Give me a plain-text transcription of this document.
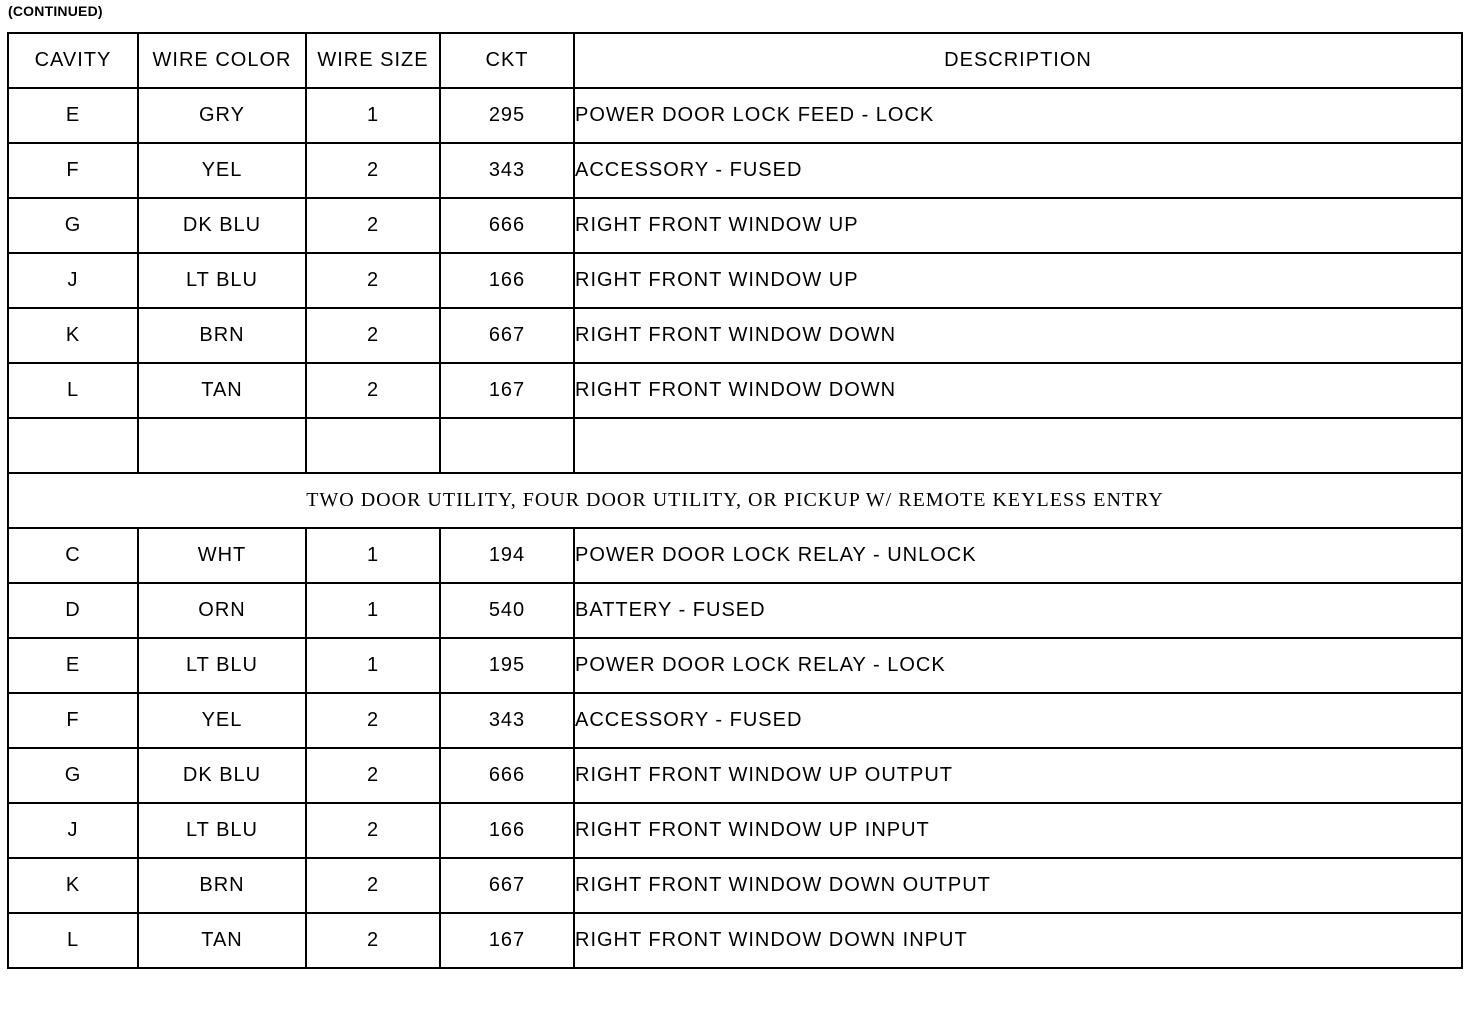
(CONTINUED)
CAVITY	WIRE COLOR	WIRE SIZE	CKT	DESCRIPTION
E	GRY	1	295	POWER DOOR LOCK FEED - LOCK
F	YEL	2	343	ACCESSORY - FUSED
G	DK BLU	2	666	RIGHT FRONT WINDOW UP
J	LT BLU	2	166	RIGHT FRONT WINDOW UP
K	BRN	2	667	RIGHT FRONT WINDOW DOWN
L	TAN	2	167	RIGHT FRONT WINDOW DOWN

TWO DOOR UTILITY, FOUR DOOR UTILITY, OR PICKUP W/ REMOTE KEYLESS ENTRY				
C	WHT	1	194	POWER DOOR LOCK RELAY - UNLOCK
D	ORN	1	540	BATTERY - FUSED
E	LT BLU	1	195	POWER DOOR LOCK RELAY - LOCK
F	YEL	2	343	ACCESSORY - FUSED
G	DK BLU	2	666	RIGHT FRONT WINDOW UP OUTPUT
J	LT BLU	2	166	RIGHT FRONT WINDOW UP INPUT
K	BRN	2	667	RIGHT FRONT WINDOW DOWN OUTPUT
L	TAN	2	167	RIGHT FRONT WINDOW DOWN INPUT
